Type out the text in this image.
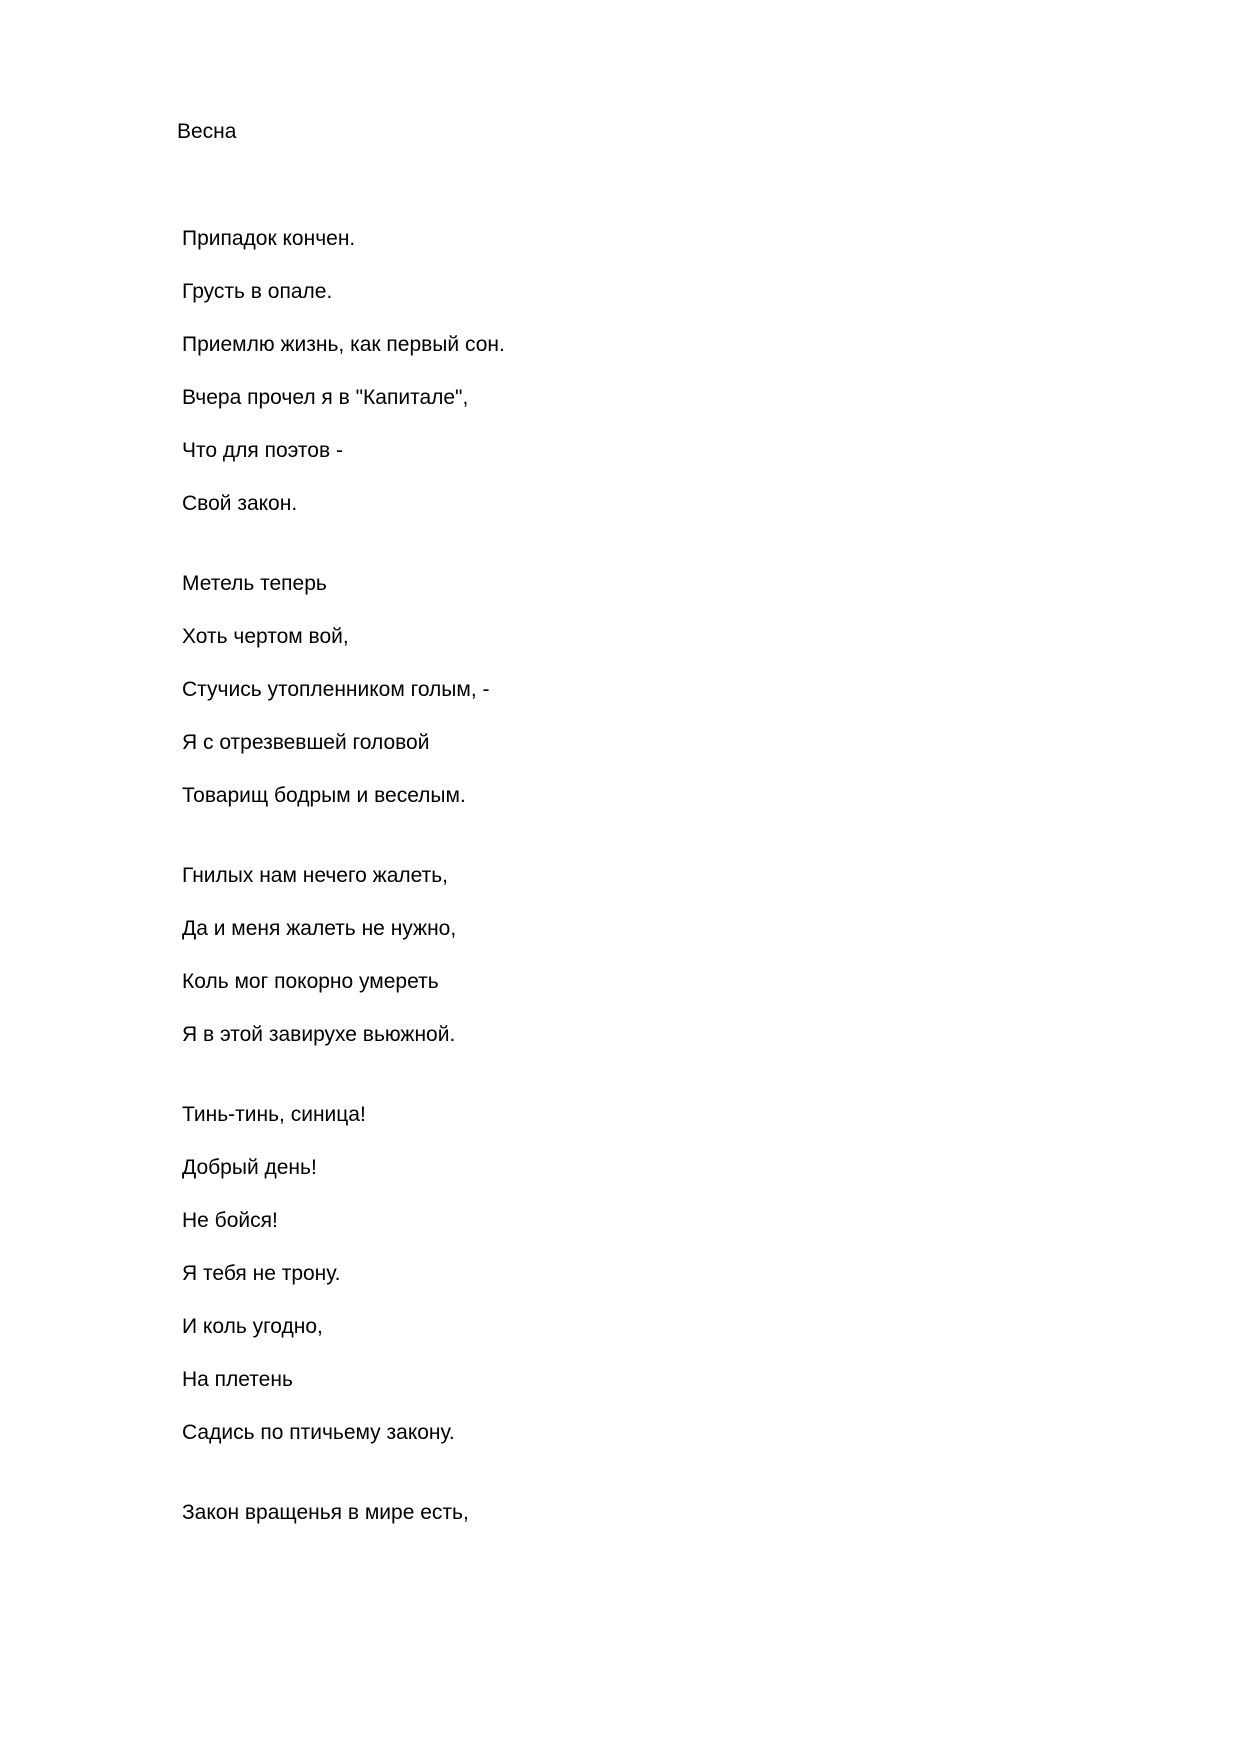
Весна
Припадок кончен.
Грусть в опале.
Приемлю жизнь, как первый сон.
Вчера прочел я в "Капитале",
Что для поэтов -
Свой закон.
Метель теперь
Хоть чертом вой,
Стучись утопленником голым, -
Я с отрезвевшей головой
Товарищ бодрым и веселым.
Гнилых нам нечего жалеть,
Да и меня жалеть не нужно,
Коль мог покорно умереть
Я в этой завирухе вьюжной.
Тинь-тинь, синица!
Добрый день!
Не бойся!
Я тебя не трону.
И коль угодно,
На плетень
Садись по птичьему закону.
Закон вращенья в мире есть,
